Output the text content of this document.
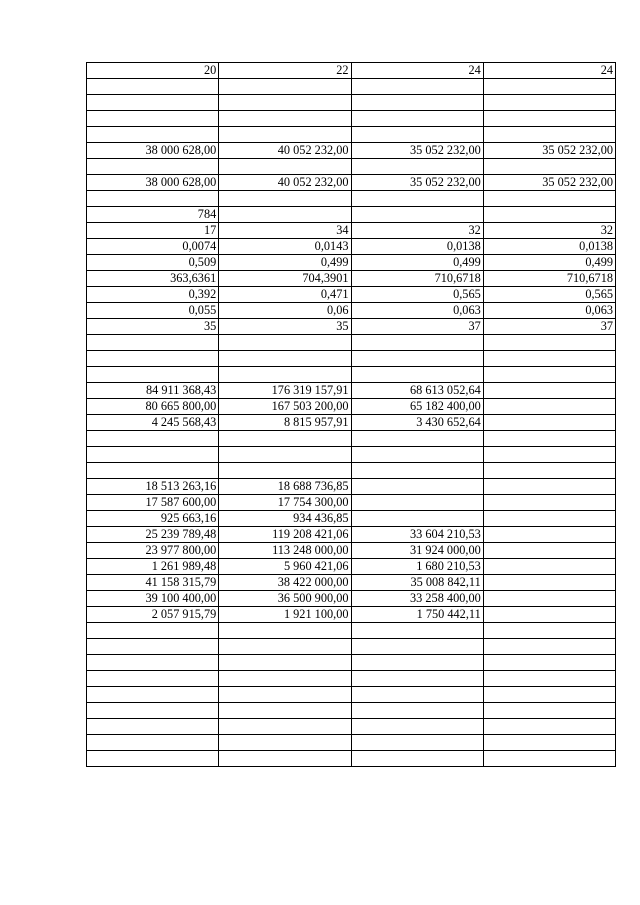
20	22	24	24

38 000 628,00	40 052 232,00	35 052 232,00	35 052 232,00

38 000 628,00	40 052 232,00	35 052 232,00	35 052 232,00

784			
17	34	32	32
0,0074	0,0143	0,0138	0,0138
0,509	0,499	0,499	0,499
363,6361	704,3901	710,6718	710,6718
0,392	0,471	0,565	0,565
0,055	0,06	0,063	0,063
35	35	37	37

84 911 368,43	176 319 157,91	68 613 052,64	
80 665 800,00	167 503 200,00	65 182 400,00	
4 245 568,43	8 815 957,91	3 430 652,64	

18 513 263,16	18 688 736,85		
17 587 600,00	17 754 300,00		
925 663,16	934 436,85		
25 239 789,48	119 208 421,06	33 604 210,53	
23 977 800,00	113 248 000,00	31 924 000,00	
1 261 989,48	5 960 421,06	1 680 210,53	
41 158 315,79	38 422 000,00	35 008 842,11	
39 100 400,00	36 500 900,00	33 258 400,00	
2 057 915,79	1 921 100,00	1 750 442,11	
